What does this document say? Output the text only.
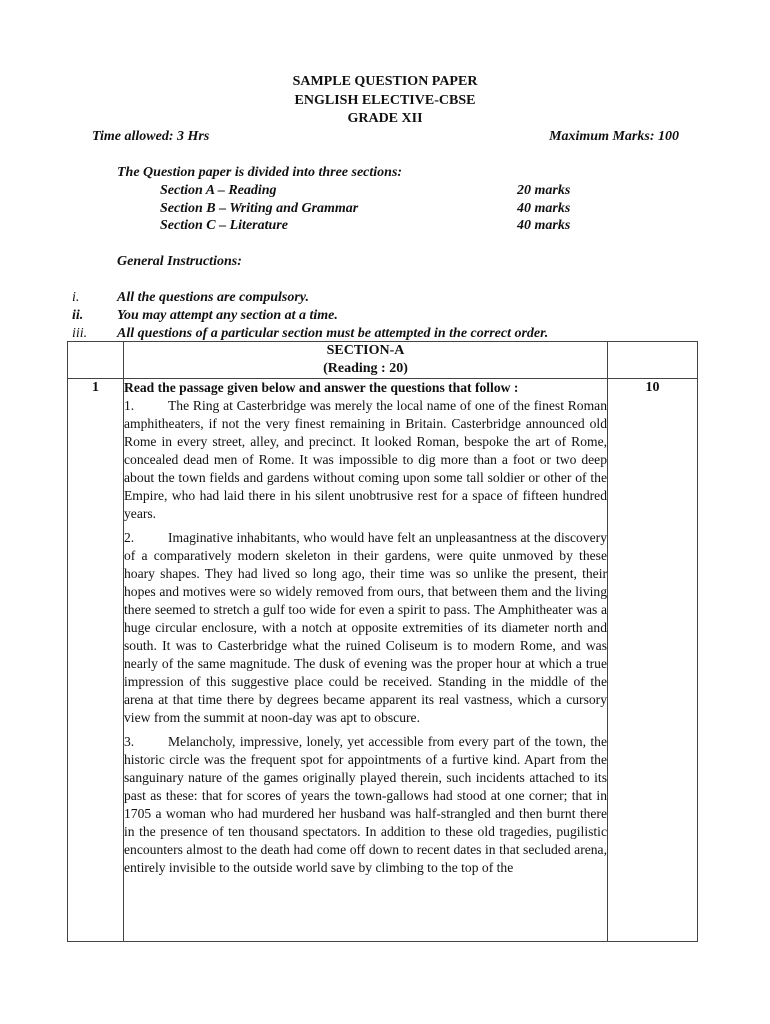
SAMPLE QUESTION PAPER
ENGLISH ELECTIVE-CBSE
GRADE XII
Time allowed: 3 Hrs	Maximum Marks: 100
The Question paper is divided into three sections:
Section A – Reading	20 marks
Section B – Writing and Grammar	40 marks
Section C – Literature	40 marks
General Instructions:
i.	All the questions are compulsory.
ii. You may attempt any section at a time.
iii. All questions of a particular section must be attempted in the correct order.

	SECTION-A
(Reading : 20)	

1	Read the passage given below and answer the questions that follow :

1. The Ring at Casterbridge was merely the local name of one of the finest Roman amphitheaters, if not the very finest remaining in Britain. Casterbridge announced old Rome in every street, alley, and precinct. It looked Roman, bespoke the art of Rome, concealed dead men of Rome. It was impossible to dig more than a foot or two deep about the town fields and gardens without coming upon some tall soldier or other of the Empire, who had laid there in his silent unobtrusive rest for a space of fifteen hundred years.

2. Imaginative inhabitants, who would have felt an unpleasantness at the discovery of a comparatively modern skeleton in their gardens, were quite unmoved by these hoary shapes. They had lived so long ago, their time was so unlike the present, their hopes and motives were so widely removed from ours, that between them and the living there seemed to stretch a gulf too wide for even a spirit to pass. The Amphitheater was a huge circular enclosure, with a notch at opposite extremities of its diameter north and south. It was to Casterbridge what the ruined Coliseum is to modern Rome, and was nearly of the same magnitude. The dusk of evening was the proper hour at which a true impression of this suggestive place could be received. Standing in the middle of the arena at that time there by degrees became apparent its real vastness, which a cursory view from the summit at noon-day was apt to obscure.

3. Melancholy, impressive, lonely, yet accessible from every part of the town, the historic circle was the frequent spot for appointments of a furtive kind. Apart from the sanguinary nature of the games originally played therein, such incidents attached to its past as these: that for scores of years the town-gallows had stood at one corner; that in 1705 a woman who had murdered her husband was half-strangled and then burnt there in the presence of ten thousand spectators. In addition to these old tragedies, pugilistic encounters almost to the death had come off down to recent dates in that secluded arena, entirely invisible to the outside world save by climbing to the top of the	10
